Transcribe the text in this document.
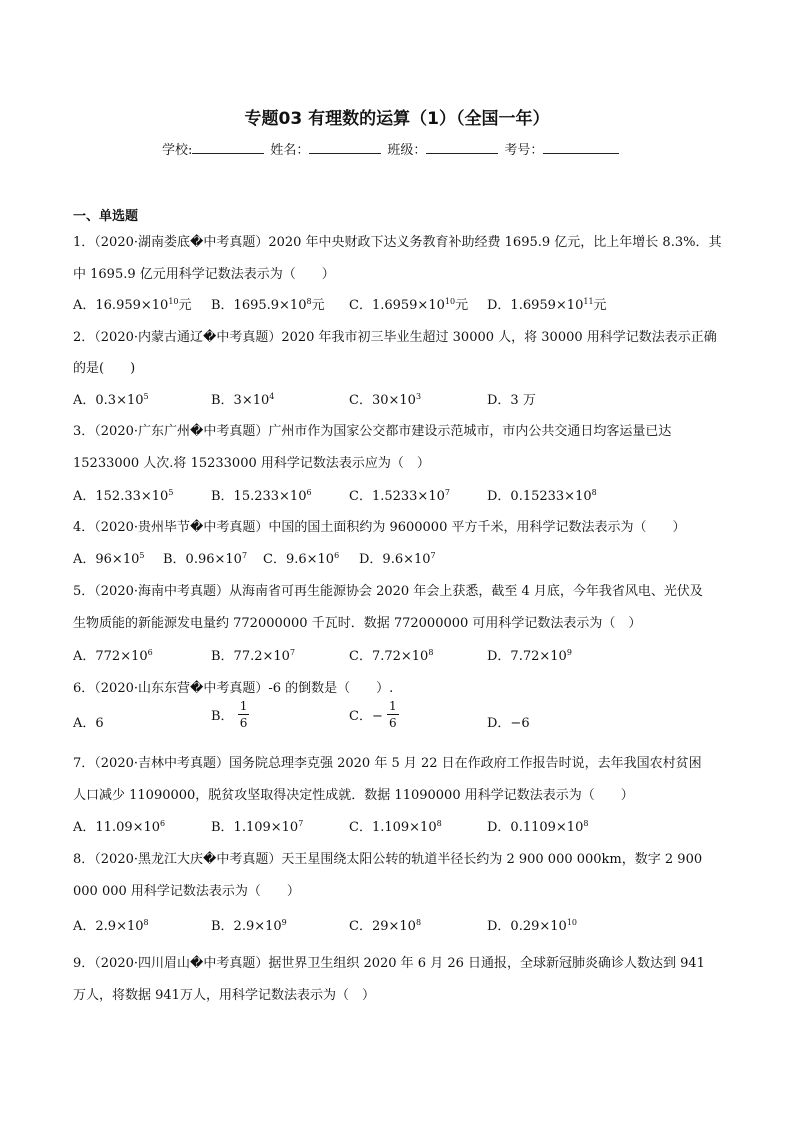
专题03 有理数的运算（1）（全国一年）
学校:	姓名：	班级：	考号：
一、单选题
1．（2020·湖南娄底�中考真题）2020 年中央财政下达义务教育补助经费 1695.9 亿元，比上年增长 8.3%．其
中 1695.9 亿元用科学记数法表示为（　　）
A．$16.959\times 10^{10}$元 B．$1695.9\times 10^8$元 C．$1.6959\times 10^{10}$元 D．$1.6959\times 10^{11}$元
2．（2020·内蒙古通辽�中考真题）2020 年我市初三毕业生超过 30000 人，将 30000 用科学记数法表示正确
的是(　　)
A．$0.3\times 10^5$	B．$3\times 10^4$	C．$30\times 10^3$	D．3 万
3．（2020·广东广州�中考真题）广州市作为国家公交都市建设示范城市，市内公共交通日均客运量已达
15233000 人次.将 15233000 用科学记数法表示应为（　）
A．$152.33\times 10^5$	B．$15.233\times 10^6$	C．$1.5233\times 10^7$	D．$0.15233\times 10^8$
4．（2020·贵州毕节�中考真题）中国的国土面积约为 9600000 平方千米，用科学记数法表示为（　　）
A．$96\times 10^5$ B．$0.96\times 10^7$ C．$9.6\times 10^6$ D．$9.6\times 10^7$
5．（2020·海南中考真题）从海南省可再生能源协会 2020 年会上获悉，截至 4 月底，今年我省风电、光伏及
生物质能的新能源发电量约 772000000 千瓦时．数据 772000000 可用科学记数法表示为（　）
A．$772\times 10^6$	B．$77.2\times 10^7$	C．$7.72\times 10^8$	D．$7.72\times 10^9$
6．（2020·山东东营�中考真题）-6 的倒数是（　　）.
A．6	B． $\frac{1}{6}$	C．− $\frac{1}{6}$	D．−6
7．（2020·吉林中考真题）国务院总理李克强 2020 年 5 月 22 日在作政府工作报告时说，去年我国农村贫困
人口减少 11090000，脱贫攻坚取得决定性成就．数据 11090000 用科学记数法表示为（　　）
A．$11.09\times 10^6$	B．$1.109\times 10^7$	C．$1.109\times 10^8$	D．$0.1109\times 10^8$
8．（2020·黑龙江大庆�中考真题）天王星围绕太阳公转的轨道半径长约为 2 900 000 000km，数字 2 900
000 000 用科学记数法表示为（　　）
A．$2.9\times 10^8$	B．$2.9\times 10^9$	C．$29\times 10^8$	D．$0.29\times 10^{10}$
9．（2020·四川眉山�中考真题）据世界卫生组织 2020 年 6 月 26 日通报，全球新冠肺炎确诊人数达到 941
万人，将数据 941万人，用科学记数法表示为（　）
